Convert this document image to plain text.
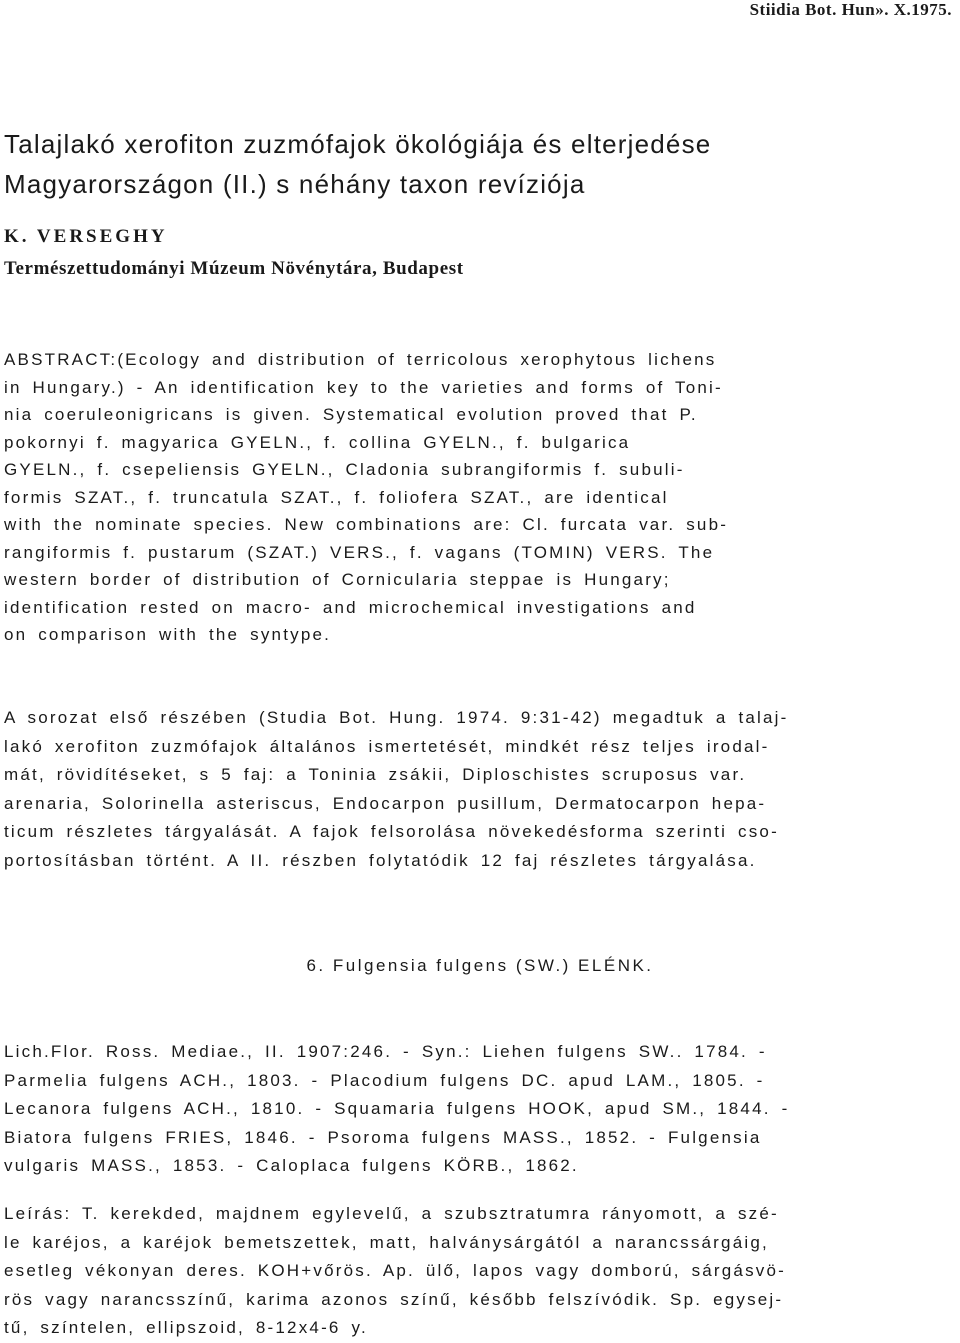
Stiidia Bot. Hun». X.1975.
Talajlakó xerofiton zuzmófajok ökológiája és elterjedése
Magyarországon (II.) s néhány taxon revíziója
K. VERSEGHY
Természettudományi Múzeum Növénytára, Budapest
ABSTRACT:(Ecology and distribution of terricolous xerophytous lichens
in Hungary.) - An identification key to the varieties and forms of Toni-
nia coeruleonigricans is given. Systematical evolution proved that P.
pokornyi f. magyarica GYELN., f. collina GYELN., f. bulgarica
GYELN., f. csepeliensis GYELN., Cladonia subrangiformis f. subuli-
formis SZAT., f. truncatula SZAT., f. foliofera SZAT., are identical
with the nominate species. New combinations are: Cl. furcata var. sub-
rangiformis f. pustarum (SZAT.) VERS., f. vagans (TOMIN) VERS. The
western border of distribution of Cornicularia steppae is Hungary;
identification rested on macro- and microchemical investigations and
on comparison with the syntype.
A sorozat első részében (Studia Bot. Hung. 1974. 9:31-42) megadtuk a talaj-
lakó xerofiton zuzmófajok általános ismertetését, mindkét rész teljes irodal-
mát, rövidítéseket, s 5 faj: a Toninia zsákii, Diploschistes scruposus var.
arenaria, Solorinella asteriscus, Endocarpon pusillum, Dermatocarpon hepa-
ticum részletes tárgyalását. A fajok felsorolása növekedésforma szerinti cso-
portosításban történt. A II. részben folytatódik 12 faj részletes tárgyalása.
6. Fulgensia fulgens (SW.) ELÉNK.
Lich.Flor. Ross. Mediae., II. 1907:246. - Syn.: Liehen fulgens SW.. 1784. -
Parmelia fulgens ACH., 1803. - Placodium fulgens DC. apud LAM., 1805. -
Lecanora fulgens ACH., 1810. - Squamaria fulgens HOOK, apud SM., 1844. -
Biatora fulgens FRIES, 1846. - Psoroma fulgens MASS., 1852. - Fulgensia
vulgaris MASS., 1853. - Caloplaca fulgens KÖRB., 1862.
Leírás: T. kerekded, majdnem egylevelű, a szubsztratumra rányomott, a szé-
le karéjos, a karéjok bemetszettek, matt, halványsárgától a narancssárgáig,
esetleg vékonyan deres. KOH+vőrös. Ap. ülő, lapos vagy domború, sárgásvö-
rös vagy narancsszínű, karima azonos színű, később felszívódik. Sp. egysej-
tű, színtelen, ellipszoid, 8-12x4-6 y.
